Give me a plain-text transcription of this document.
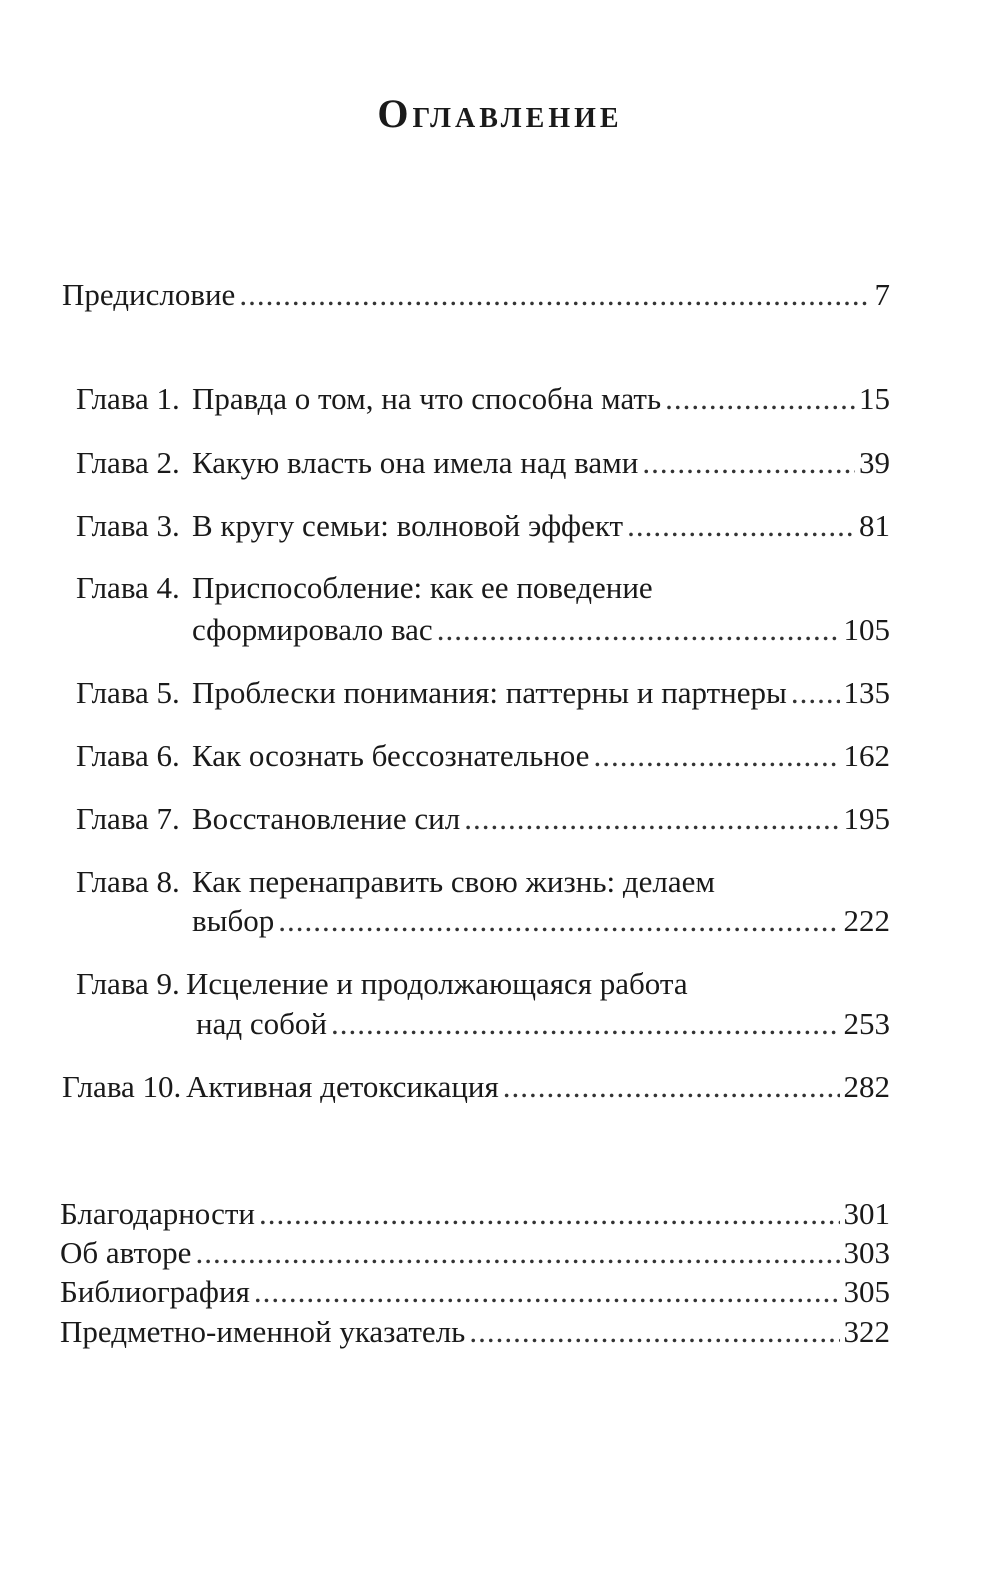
Оглавление
Предисловие .....	7
Глава 1. Правда о том, на что способна мать .....	15
Глава 2. Какую власть она имела над вами .....	39
Глава 3. В кругу семьи: волновой эффект .....	81
Глава 4. Приспособление: как ее поведение
сформировало вас .....	105
Глава 5. Проблески понимания: паттерны и партнеры ..... 135
Глава 6. Как осознать бессознательное .....	162
Глава 7. Восстановление сил .....	195
Глава 8. Как перенаправить свою жизнь: делаем
выбор .....	222
Глава 9. Исцеление и продолжающаяся работа
над собой .....	253
Глава 10. Активная детоксикация .....	282
Благодарности .....	301
Об авторе .....	303
Библиография .....	305
Предметно-именной указатель .....	322
